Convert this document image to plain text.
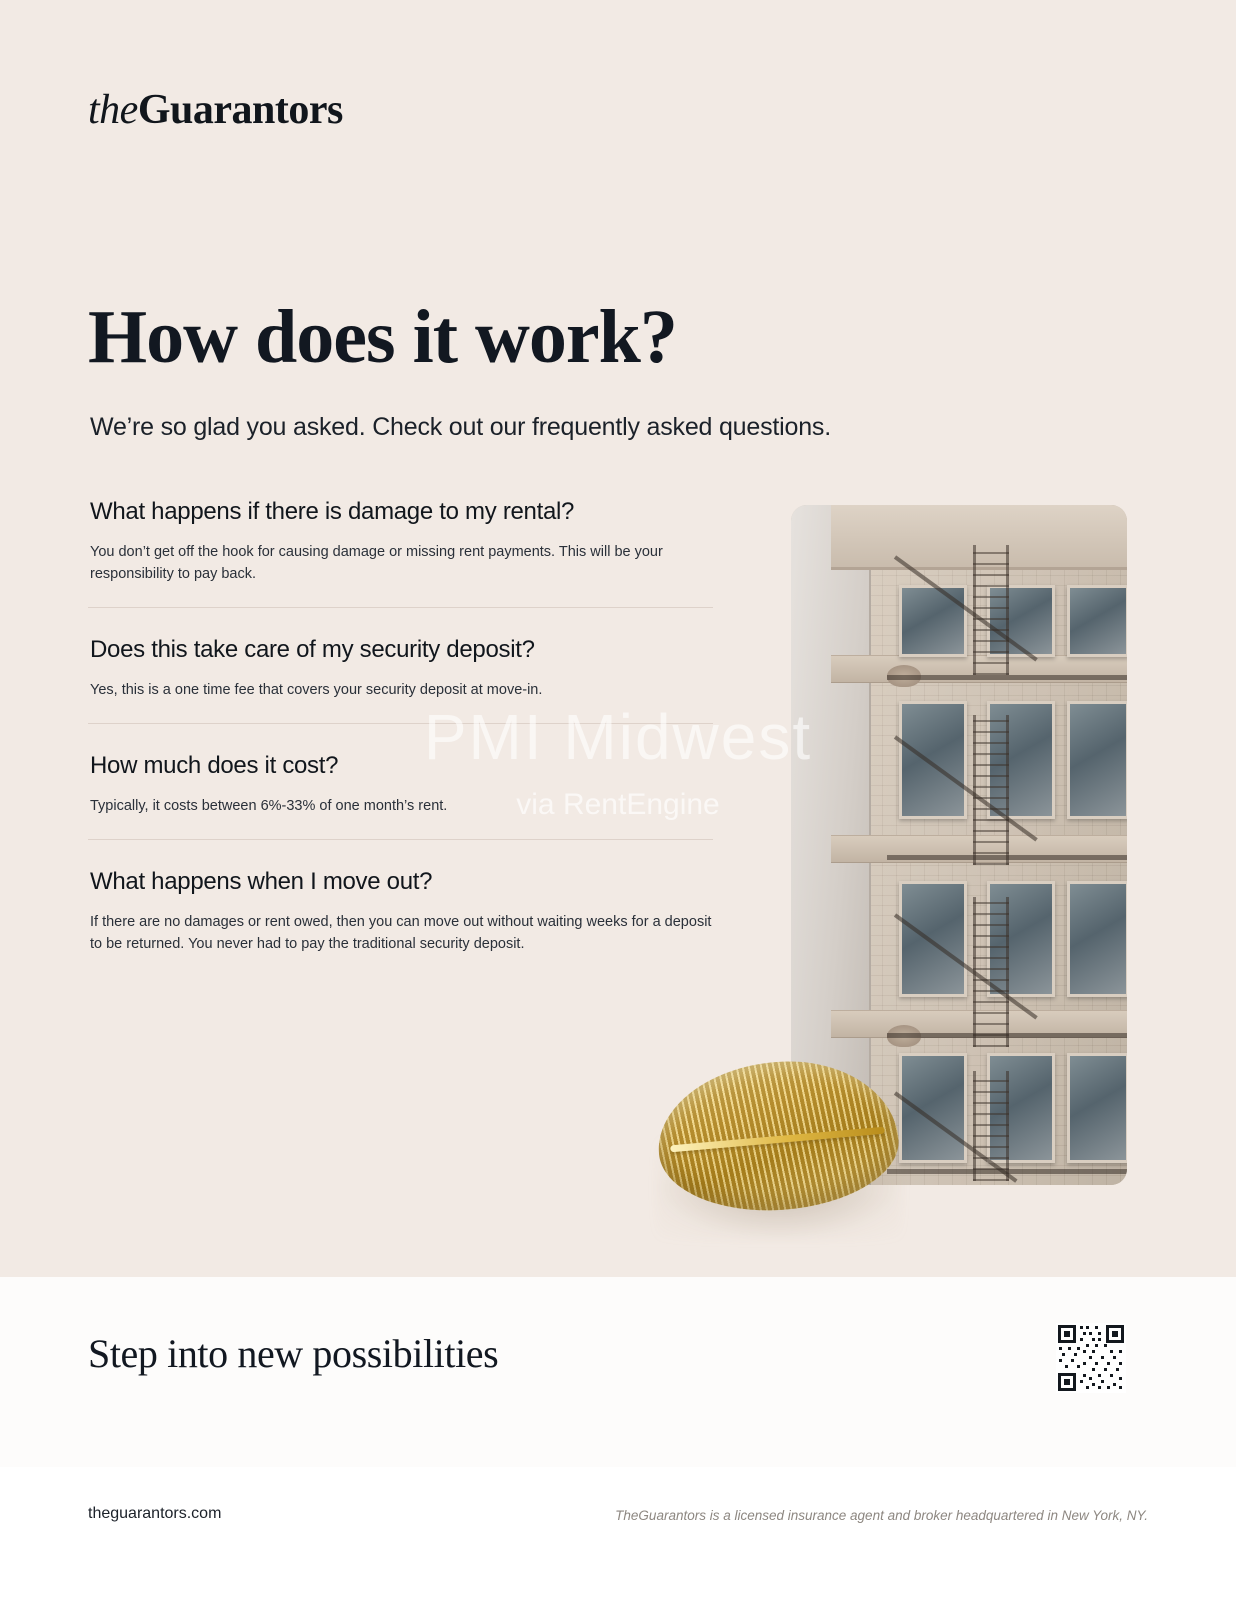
theGuarantors
How does it work?

We’re so glad you asked. Check out our frequently asked questions.

What happens if there is damage to my rental?

You don’t get off the hook for causing damage or missing rent payments. This will be your responsibility to pay back.

Does this take care of my security deposit?

Yes, this is a one time fee that covers your security deposit at move-in.

How much does it cost?

Typically, it costs between 6%-33% of one month’s rent.

What happens when I move out?

If there are no damages or rent owed, then you can move out without waiting weeks for a deposit to be returned. You never had to pay the traditional security deposit.

PMI Midwest
via RentEngine
Step into new possibilities
theguarantors.com	TheGuarantors is a licensed insurance agent and broker headquartered in New York, NY.
